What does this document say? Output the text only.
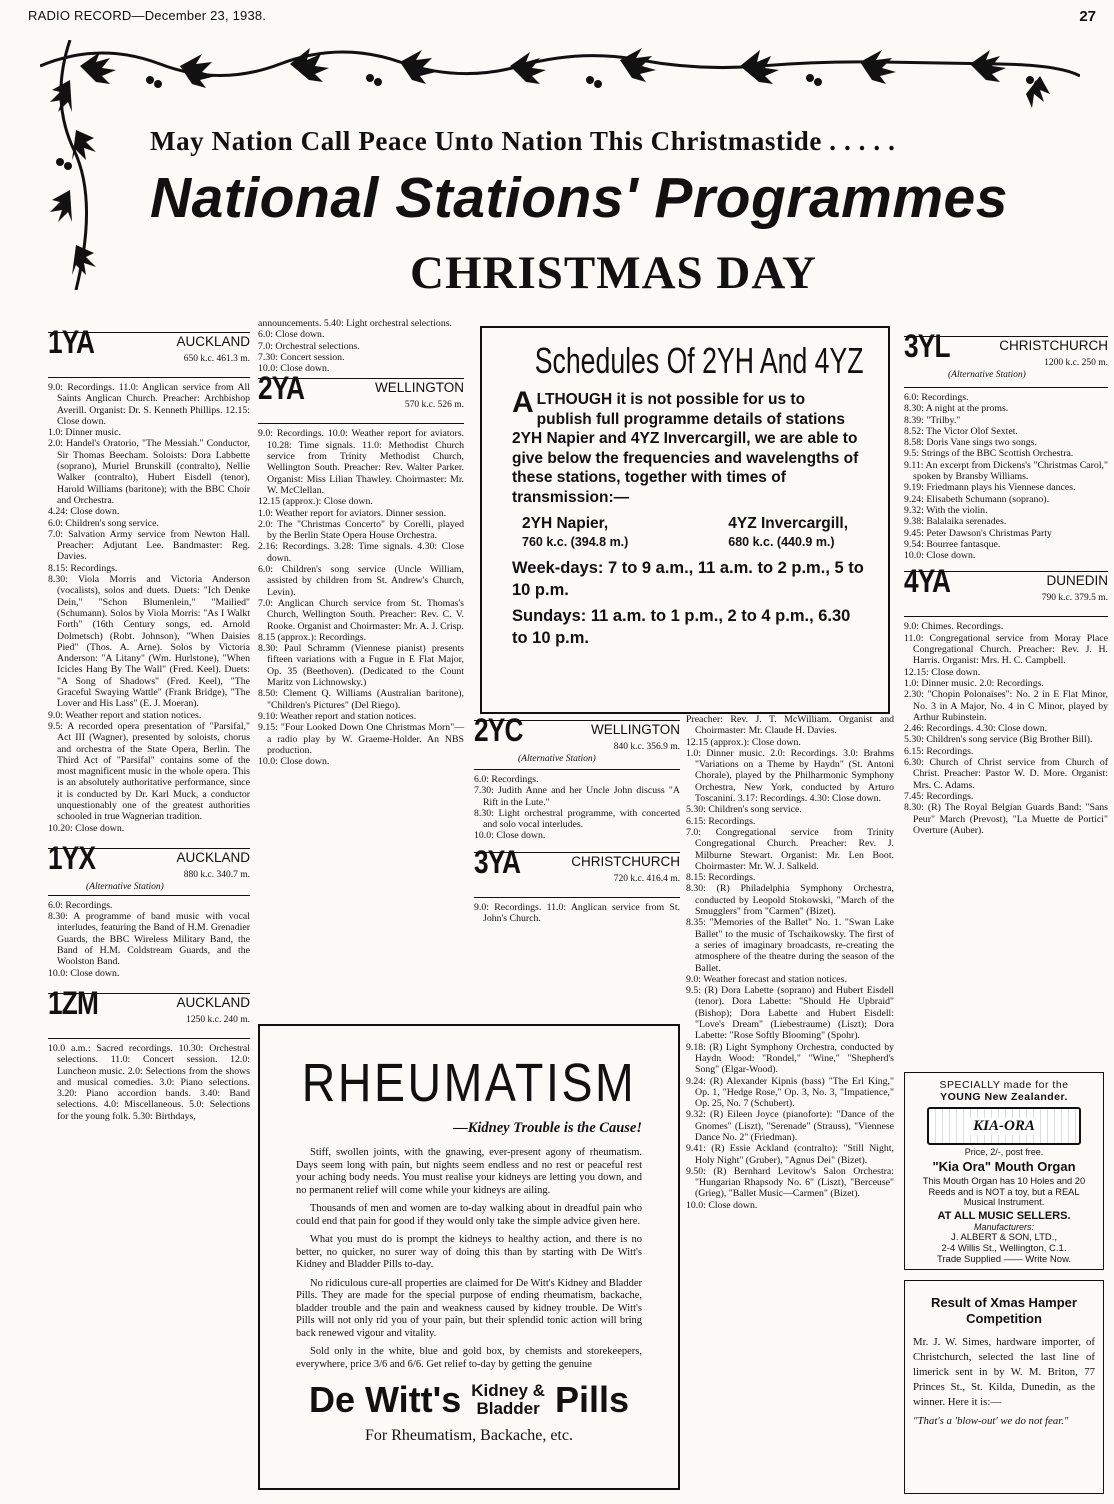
RADIO RECORD—December 23, 1938.	27
May Nation Call Peace Unto Nation This Christmastide . . . . .
National Stations' Programmes
CHRISTMAS DAY
1YA	AUCKLAND
650 k.c. 461.3 m.

9.0: Recordings. 11.0: Anglican service from All Saints Anglican Church. Preacher: Archbishop Averill. Organist: Dr. S. Kenneth Phillips. 12.15: Close down.

1.0: Dinner music.

2.0: Handel's Oratorio, "The Messiah." Conductor, Sir Thomas Beecham. Soloists: Dora Labbette (soprano), Muriel Brunskill (contralto), Nellie Walker (contralto), Hubert Eisdell (tenor), Harold Williams (baritone); with the BBC Choir and Orchestra.

4.24: Close down.

6.0: Children's song service.

7.0: Salvation Army service from Newton Hall. Preacher: Adjutant Lee. Bandmaster: Reg. Davies.

8.15: Recordings.

8.30: Viola Morris and Victoria Anderson (vocalists), solos and duets. Duets: "Ich Denke Dein," "Schon Blumenlein," "Mailied" (Schumann). Solos by Viola Morris: "As I Walkt Forth" (16th Century songs, ed. Arnold Dolmetsch) (Robt. Johnson), "When Daisies Pied" (Thos. A. Arne). Solos by Victoria Anderson: "A Litany" (Wm. Hurlstone), "When Icicles Hang By The Wall" (Fred. Keel). Duets: "A Song of Shadows" (Fred. Keel), "The Graceful Swaying Wattle" (Frank Bridge), "The Lover and His Lass" (E. J. Moeran).

9.0: Weather report and station notices.

9.5: A recorded opera presentation of "Parsifal," Act III (Wagner), presented by soloists, chorus and orchestra of the State Opera, Berlin. The Third Act of "Parsifal" contains some of the most magnificent music in the whole opera. This is an absolutely authoritative performance, since it is conducted by Dr. Karl Muck, a conductor unquestionably one of the greatest authorities schooled in true Wagnerian tradition.

10.20: Close down.

1YX	AUCKLAND
880 k.c. 340.7 m.
(Alternative Station)

6.0: Recordings.

8.30: A programme of band music with vocal interludes, featuring the Band of H.M. Grenadier Guards, the BBC Wireless Military Band, the Band of H.M. Coldstream Guards, and the Woolston Band.

10.0: Close down.

1ZM	AUCKLAND
1250 k.c. 240 m.

10.0 a.m.: Sacred recordings. 10.30: Orchestral selections. 11.0: Concert session. 12.0: Luncheon music. 2.0: Selections from the shows and musical comedies. 3.0: Piano selections. 3.20: Piano accordion bands. 3.40: Band selections. 4.0: Miscellaneous. 5.0: Selections for the young folk. 5.30: Birthdays,

announcements. 5.40: Light orchestral selections.

6.0: Close down.

7.0: Orchestral selections.

7.30: Concert session.

10.0: Close down.

2YA	WELLINGTON
570 k.c. 526 m.

9.0: Recordings. 10.0: Weather report for aviators. 10.28: Time signals. 11.0: Methodist Church service from Trinity Methodist Church, Wellington South. Preacher: Rev. Walter Parker. Organist: Miss Lilian Thawley. Choirmaster: Mr. W. McClellan.

12.15 (approx.): Close down.

1.0: Weather report for aviators. Dinner session.

2.0: The "Christmas Concerto" by Corelli, played by the Berlin State Opera House Orchestra.

2.16: Recordings. 3.28: Time signals. 4.30: Close down.

6.0: Children's song service (Uncle William, assisted by children from St. Andrew's Church, Levin).

7.0: Anglican Church service from St. Thomas's Church, Wellington South. Preacher: Rev. C. V. Rooke. Organist and Choirmaster: Mr. A. J. Crisp.

8.15 (approx.): Recordings.

8.30: Paul Schramm (Viennese pianist) presents fifteen variations with a Fugue in E Flat Major, Op. 35 (Beethoven). (Dedicated to the Count Maritz von Lichnowsky.)

8.50: Clement Q. Williams (Australian baritone), "Children's Pictures" (Del Riego).

9.10: Weather report and station notices.

9.15: "Four Looked Down One Christmas Morn"—a radio play by W. Graeme-Holder. An NBS production.

10.0: Close down.

Schedules Of 2YH And 4YZ
ALTHOUGH it is not possible for us to publish full programme details of stations 2YH Napier and 4YZ Invercargill, we are able to give below the frequencies and wavelengths of these stations, together with times of transmission:—
2YH Napier,
760 k.c. (394.8 m.)
4YZ Invercargill,
680 k.c. (440.9 m.)
Week-days: 7 to 9 a.m., 11 a.m. to 2 p.m., 5 to 10 p.m.
Sundays: 11 a.m. to 1 p.m., 2 to 4 p.m., 6.30 to 10 p.m.
2YC	WELLINGTON
840 k.c. 356.9 m.
(Alternative Station)

6.0: Recordings.

7.30: Judith Anne and her Uncle John discuss "A Rift in the Lute."

8.30: Light orchestral programme, with concerted and solo vocal interludes.

10.0: Close down.

3YA	CHRISTCHURCH
720 k.c. 416.4 m.

9.0: Recordings. 11.0: Anglican service from St. John's Church.

Preacher: Rev. J. T. McWilliam. Organist and Choirmaster: Mr. Claude H. Davies.

12.15 (approx.): Close down.

1.0: Dinner music. 2.0: Recordings. 3.0: Brahms "Variations on a Theme by Haydn" (St. Antoni Chorale), played by the Philharmonic Symphony Orchestra, New York, conducted by Arturo Toscanini. 3.17: Recordings. 4.30: Close down.

5.30: Children's song service.

6.15: Recordings.

7.0: Congregational service from Trinity Congregational Church. Preacher: Rev. J. Milburne Stewart. Organist: Mr. Len Boot. Choirmaster: Mr. W. J. Salkeld.

8.15: Recordings.

8.30: (R) Philadelphia Symphony Orchestra, conducted by Leopold Stokowski, "March of the Smugglers" from "Carmen" (Bizet).

8.35: "Memories of the Ballet" No. 1. "Swan Lake Ballet" to the music of Tschaikowsky. The first of a series of imaginary broadcasts, re-creating the atmosphere of the theatre during the season of the Ballet.

9.0: Weather forecast and station notices.

9.5: (R) Dora Labette (soprano) and Hubert Eisdell (tenor). Dora Labette: "Should He Upbraid" (Bishop); Dora Labette and Hubert Eisdell: "Love's Dream" (Liebestraume) (Liszt); Dora Labette: "Rose Softly Blooming" (Spohr).

9.18: (R) Light Symphony Orchestra, conducted by Haydn Wood: "Rondel," "Wine," "Shepherd's Song" (Elgar-Wood).

9.24: (R) Alexander Kipnis (bass) "The Erl King," Op. 1, "Hedge Rose," Op. 3, No. 3, "Impatience," Op. 25, No. 7 (Schubert).

9.32: (R) Eileen Joyce (pianoforte): "Dance of the Gnomes" (Liszt), "Serenade" (Strauss), "Viennese Dance No. 2" (Friedman).

9.41: (R) Essie Ackland (contralto): "Still Night, Holy Night" (Gruber), "Agnus Dei" (Bizet).

9.50: (R) Bernhard Levitow's Salon Orchestra: "Hungarian Rhapsody No. 6" (Liszt), "Berceuse" (Grieg), "Ballet Music—Carmen" (Bizet).

10.0: Close down.

3YL	CHRISTCHURCH
1200 k.c. 250 m.
(Alternative Station)

6.0: Recordings.

8.30: A night at the proms.

8.39: "Trilby."

8.52: The Victor Olof Sextet.

8.58: Doris Vane sings two songs.

9.5: Strings of the BBC Scottish Orchestra.

9.11: An excerpt from Dickens's "Christmas Carol," spoken by Bransby Williams.

9.19: Friedmann plays his Viennese dances.

9.24: Elisabeth Schumann (soprano).

9.32: With the violin.

9.38: Balalaika serenades.

9.45: Peter Dawson's Christmas Party

9.54: Bourree fantasque.

10.0: Close down.

4YA	DUNEDIN
790 k.c. 379.5 m.

9.0: Chimes. Recordings.

11.0: Congregational service from Moray Place Congregational Church. Preacher: Rev. J. H. Harris. Organist: Mrs. H. C. Campbell.

12.15: Close down.

1.0: Dinner music. 2.0: Recordings.

2.30: "Chopin Polonaises": No. 2 in E Flat Minor, No. 3 in A Major, No. 4 in C Minor, played by Arthur Rubinstein.

2.46: Recordings. 4.30: Close down.

5.30: Children's song service (Big Brother Bill).

6.15: Recordings.

6.30: Church of Christ service from Church of Christ. Preacher: Pastor W. D. More. Organist: Mrs. C. Adams.

7.45: Recordings.

8.30: (R) The Royal Belgian Guards Band: "Sans Peur" March (Prevost), "La Muette de Portici" Overture (Auber).

RHEUMATISM
—Kidney Trouble is the Cause!

Stiff, swollen joints, with the gnawing, ever-present agony of rheumatism. Days seem long with pain, but nights seem endless and no rest or peaceful rest your aching body needs. You must realise your kidneys are letting you down, and no permanent relief will come while your kidneys are ailing.

Thousands of men and women are to-day walking about in dreadful pain who could end that pain for good if they would only take the simple advice given here.

What you must do is prompt the kidneys to healthy action, and there is no better, no quicker, no surer way of doing this than by starting with De Witt's Kidney and Bladder Pills to-day.

No ridiculous cure-all properties are claimed for De Witt's Kidney and Bladder Pills. They are made for the special purpose of ending rheumatism, backache, bladder trouble and the pain and weakness caused by kidney trouble. De Witt's Pills will not only rid you of your pain, but their splendid tonic action will bring back renewed vigour and vitality.

Sold only in the white, blue and gold box, by chemists and storekeepers, everywhere, price 3/6 and 6/6. Get relief to-day by getting the genuine

De Witt's Kidney &
Bladder Pills
For Rheumatism, Backache, etc.
SPECIALLY made for the
YOUNG New Zealander.
KIA-ORA
Price, 2/-, post free.
"Kia Ora" Mouth Organ
This Mouth Organ has 10 Holes and 20 Reeds and is NOT a toy, but a REAL Musical Instrument.
AT ALL MUSIC SELLERS.
Manufacturers:
J. ALBERT & SON, LTD.,
2-4 Willis St., Wellington, C.1.
Trade Supplied —— Write Now.
Result of Xmas Hamper Competition
Mr. J. W. Simes, hardware importer, of Christchurch, selected the last line of limerick sent in by W. M. Briton, 77 Princes St., St. Kilda, Dunedin, as the winner. Here it is:—
"That's a 'blow-out' we do not fear."
